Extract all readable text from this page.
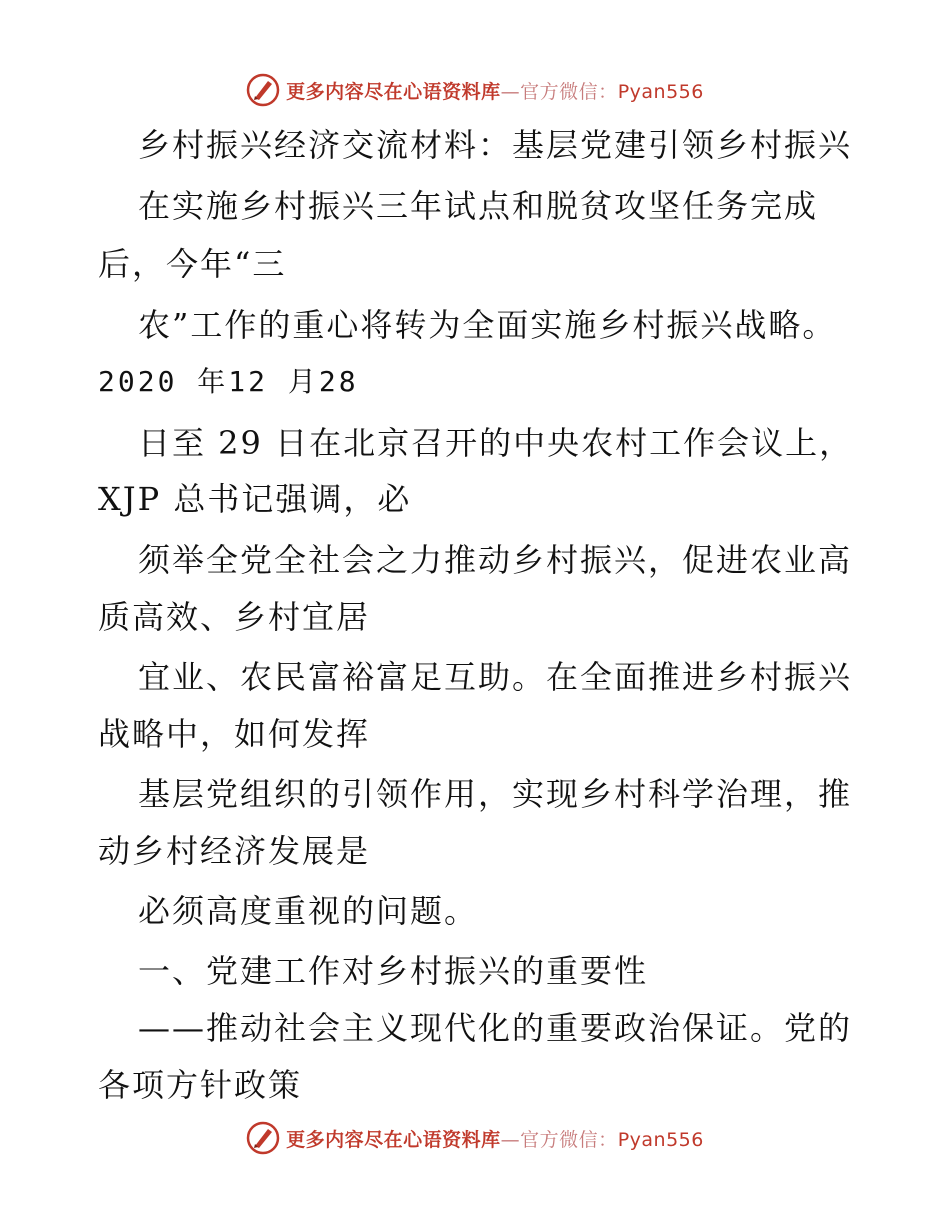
更多内容尽在心语资料库—官方微信：Pyan556
乡村振兴经济交流材料：基层党建引领乡村振兴
在实施乡村振兴三年试点和脱贫攻坚任务完成
后，今年“三
农”工作的重心将转为全面实施乡村振兴战略。
2020 年12 月28
日至 29 日在北京召开的中央农村工作会议上，
XJP 总书记强调，必
须举全党全社会之力推动乡村振兴，促进农业高
质高效、乡村宜居
宜业、农民富裕富足互助。在全面推进乡村振兴
战略中，如何发挥
基层党组织的引领作用，实现乡村科学治理，推
动乡村经济发展是
必须高度重视的问题。
一、党建工作对乡村振兴的重要性
——推动社会主义现代化的重要政治保证。党的
各项方针政策
更多内容尽在心语资料库—官方微信：Pyan556
